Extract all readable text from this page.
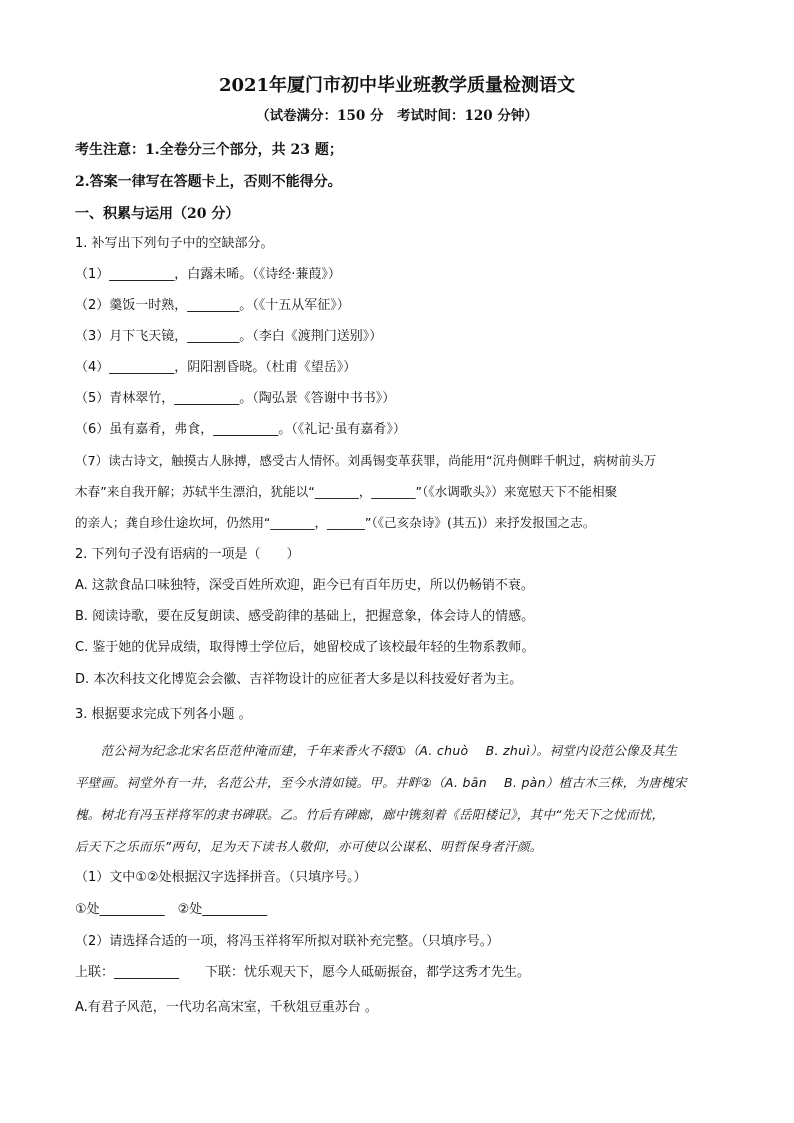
2021年厦门市初中毕业班教学质量检测语文
（试卷满分：150 分　考试时间：120 分钟）
考生注意：1.全卷分三个部分，共 23 题；
2.答案一律写在答题卡上，否则不能得分。
一、积累与运用（20 分）
1. 补写出下列句子中的空缺部分。
（1）__________，白露未晞。（《诗经·蒹葭》）
（2）羹饭一时熟，________。（《十五从军征》）
（3）月下飞天镜，________。（李白《渡荆门送别》）
（4）__________，阴阳割昏晓。（杜甫《望岳》）
（5）青林翠竹，__________。（陶弘景《答谢中书书》）
（6）虽有嘉肴，弗食，__________。（《礼记·虽有嘉肴》）
（7）读古诗文，触摸古人脉搏，感受古人情怀。刘禹锡变革获罪，尚能用“沉舟侧畔千帆过，病树前头万
木春”来自我开解；苏轼半生漂泊，犹能以“_______，_______”（《水调歌头》）来宽慰天下不能相聚
的亲人；龚自珍仕途坎坷，仍然用“_______，______”（《己亥杂诗》(其五)）来抒发报国之志。
2. 下列句子没有语病的一项是（　　）
A. 这款食品口味独特，深受百姓所欢迎，距今已有百年历史，所以仍畅销不衰。
B. 阅读诗歌，要在反复朗读、感受韵律的基础上，把握意象，体会诗人的情感。
C. 鉴于她的优异成绩，取得博士学位后，她留校成了该校最年轻的生物系教师。
D. 本次科技文化博览会会徽、吉祥物设计的应征者大多是以科技爱好者为主。
3. 根据要求完成下列各小题 。
　　范公祠为纪念北宋名臣范仲淹而建，千年来香火不辍①（A. chuò　 B. zhuì）。祠堂内设范公像及其生
平壁画。祠堂外有一井，名范公井，至今水清如镜。甲。井畔②（A. bān　 B. pàn）植古木三株，为唐槐宋
槐。树北有冯玉祥将军的隶书碑联。乙。竹后有碑廊，廊中镌刻着《岳阳楼记》，其中“先天下之忧而忧，
后天下之乐而乐”两句，足为天下读书人敬仰，亦可使以公谋私、明哲保身者汗颜。
（1）文中①②处根据汉字选择拼音。（只填序号。）
①处__________　②处__________
（2）请选择合适的一项，将冯玉祥将军所拟对联补充完整。（只填序号。）
上联：__________　　下联：忧乐观天下，愿今人砥砺振奋，都学这秀才先生。
A.有君子风范，一代功名高宋室，千秋俎豆重苏台 。
